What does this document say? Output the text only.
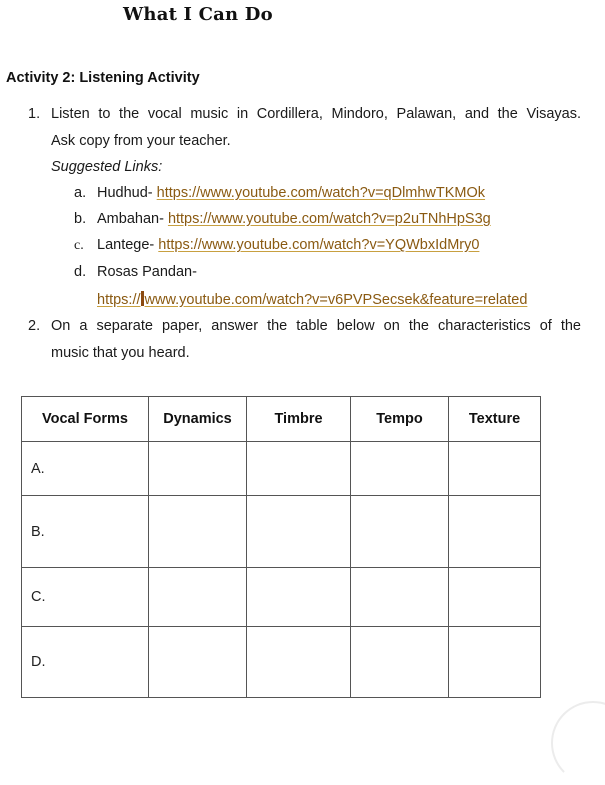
What I Can Do
Activity 2: Listening Activity
1. Listen to the vocal music in Cordillera, Mindoro, Palawan, and the Visayas.
Ask copy from your teacher.
Suggested Links:
a. Hudhud- https://www.youtube.com/watch?v=qDlmhwTKMOk
b. Ambahan- https://www.youtube.com/watch?v=p2uTNhHpS3g
c. Lantege- https://www.youtube.com/watch?v=YQWbxIdMry0
d. Rosas Pandan-
https:// www.youtube.com/watch?v=v6PVPSecsek&feature=related
2. On a separate paper, answer the table below on the characteristics of the
music that you heard.
Vocal Forms	Dynamics	Timbre	Tempo	Texture
A.				
B.				
C.				
D.				
